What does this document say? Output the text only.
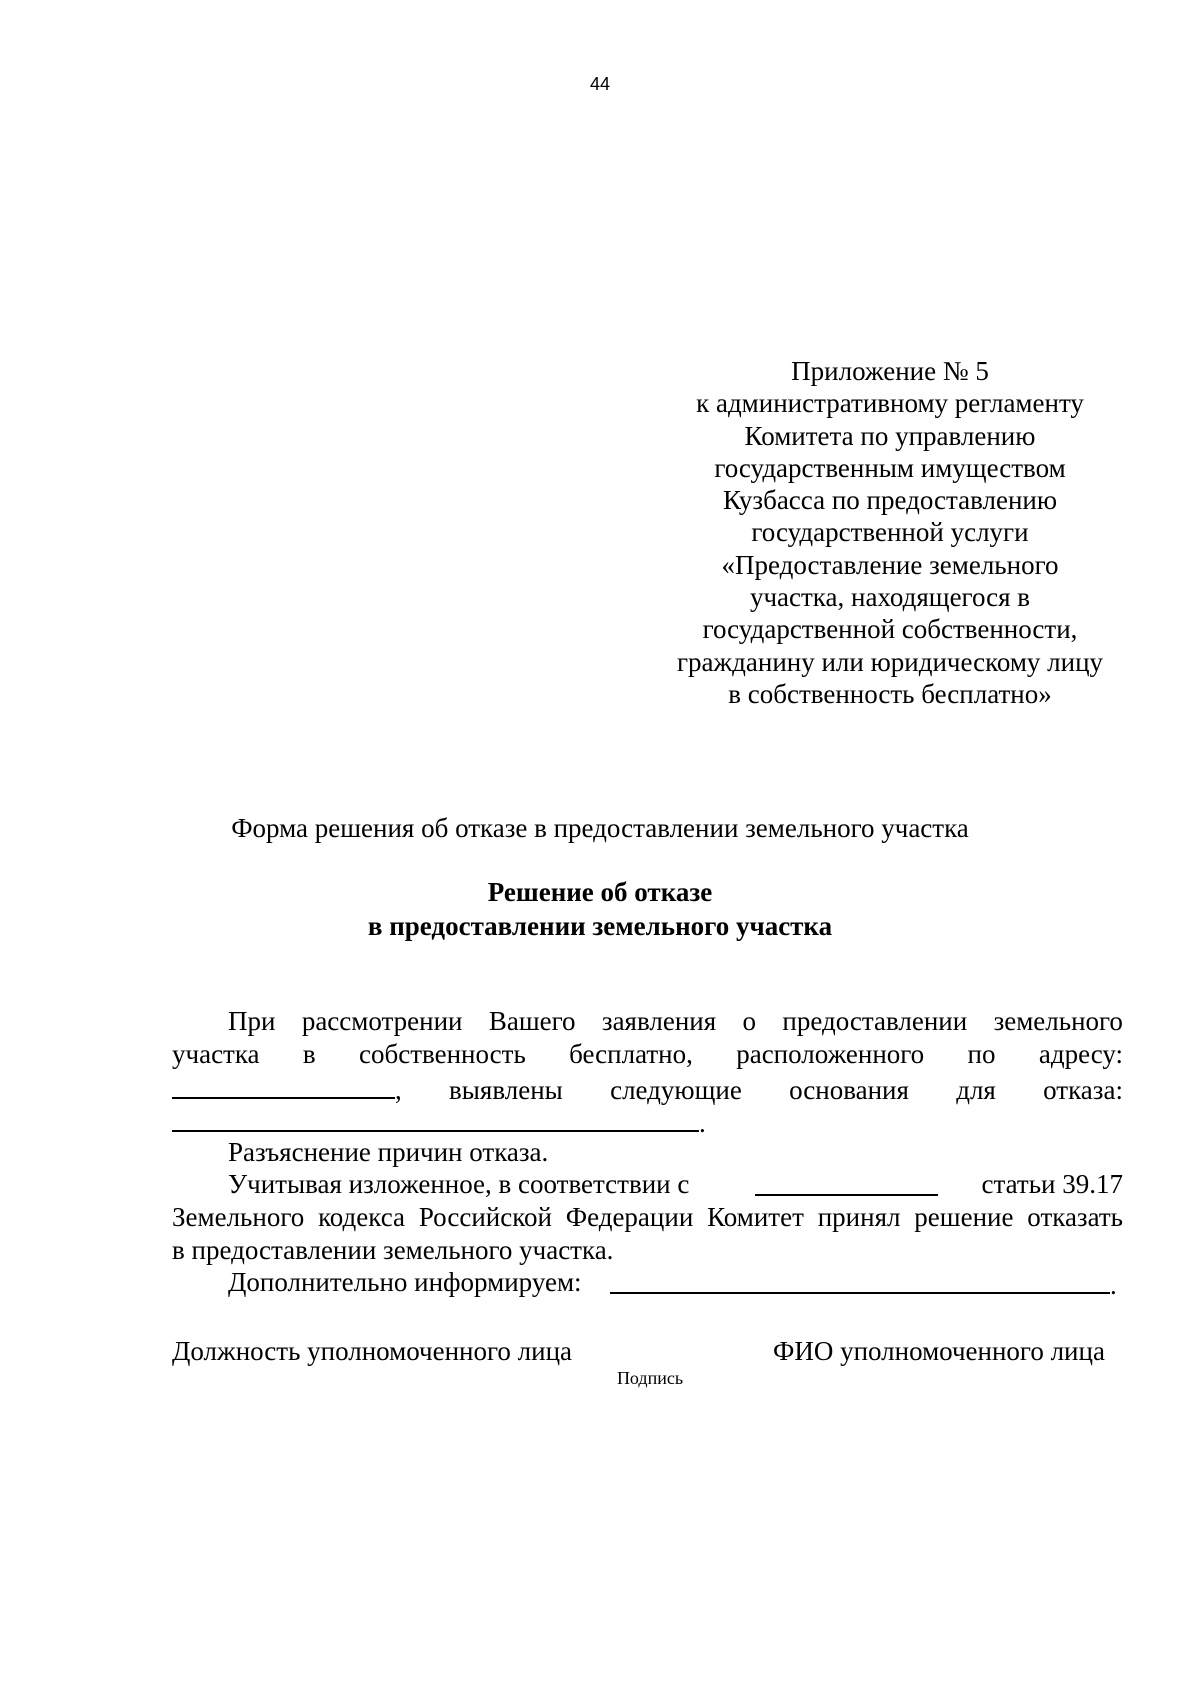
44
Приложение № 5
к административному регламенту
Комитета по управлению
государственным имуществом
Кузбасса по предоставлению
государственной услуги
«Предоставление земельного
участка, находящегося в
государственной собственности,
гражданину или юридическому лицу
в собственность бесплатно»
Форма решения об отказе в предоставлении земельного участка
Решение об отказе
в предоставлении земельного участка
При рассмотрении Вашего заявления о предоставлении земельного
участка в собственность бесплатно, расположенного по адресу:
, выявлены следующие основания для отказа:
.
Разъяснение причин отказа.
Учитывая изложенное, в соответствии с	статьи 39.17
Земельного кодекса Российской Федерации Комитет принял решение отказать
в предоставлении земельного участка.
Дополнительно информируем:	.
Должность уполномоченного лица	ФИО уполномоченного лица
Подпись
